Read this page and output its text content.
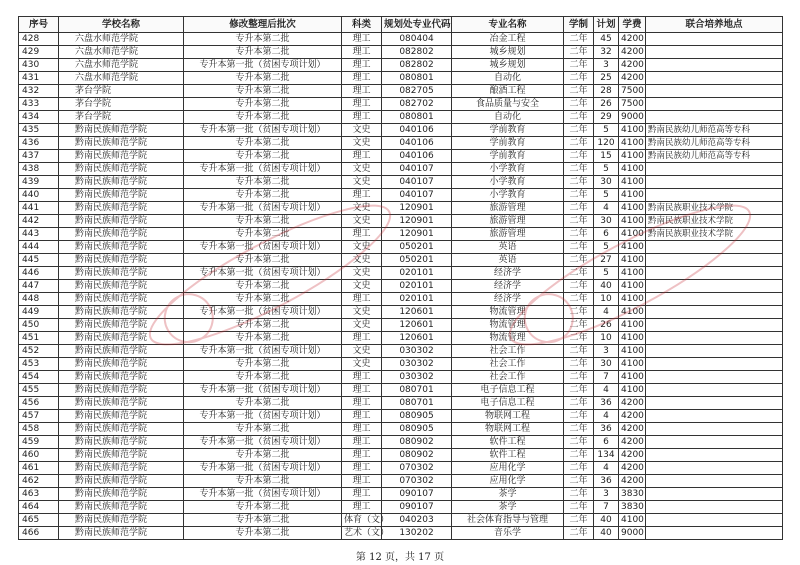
序号	学校名称	修改整理后批次	科类	规划处专业代码	专业名称	学制	计划	学费	联合培养地点
428	六盘水师范学院	专升本第二批	理工	080404	冶金工程	二年	45	4200	
429	六盘水师范学院	专升本第二批	理工	082802	城乡规划	二年	32	4200	
430	六盘水师范学院	专升本第一批（贫困专项计划）	理工	082802	城乡规划	二年	3	4200	
431	六盘水师范学院	专升本第二批	理工	080801	自动化	二年	25	4200	
432	茅台学院	专升本第二批	理工	082705	酿酒工程	二年	28	7500	
433	茅台学院	专升本第二批	理工	082702	食品质量与安全	二年	26	7500	
434	茅台学院	专升本第二批	理工	080801	自动化	二年	29	9000	
435	黔南民族师范学院	专升本第一批（贫困专项计划）	文史	040106	学前教育	二年	5	4100	黔南民族幼儿师范高等专科
436	黔南民族师范学院	专升本第二批	文史	040106	学前教育	二年	120	4100	黔南民族幼儿师范高等专科
437	黔南民族师范学院	专升本第二批	理工	040106	学前教育	二年	15	4100	黔南民族幼儿师范高等专科
438	黔南民族师范学院	专升本第一批（贫困专项计划）	文史	040107	小学教育	二年	5	4100	
439	黔南民族师范学院	专升本第二批	文史	040107	小学教育	二年	30	4100	
440	黔南民族师范学院	专升本第二批	理工	040107	小学教育	二年	5	4100	
441	黔南民族师范学院	专升本第一批（贫困专项计划）	文史	120901	旅游管理	二年	4	4100	黔南民族职业技术学院
442	黔南民族师范学院	专升本第二批	文史	120901	旅游管理	二年	30	4100	黔南民族职业技术学院
443	黔南民族师范学院	专升本第二批	理工	120901	旅游管理	二年	6	4100	黔南民族职业技术学院
444	黔南民族师范学院	专升本第一批（贫困专项计划）	文史	050201	英语	二年	5	4100	
445	黔南民族师范学院	专升本第二批	文史	050201	英语	二年	27	4100	
446	黔南民族师范学院	专升本第一批（贫困专项计划）	文史	020101	经济学	二年	5	4100	
447	黔南民族师范学院	专升本第二批	文史	020101	经济学	二年	40	4100	
448	黔南民族师范学院	专升本第二批	理工	020101	经济学	二年	10	4100	
449	黔南民族师范学院	专升本第一批（贫困专项计划）	文史	120601	物流管理	二年	4	4100	
450	黔南民族师范学院	专升本第二批	文史	120601	物流管理	二年	26	4100	
451	黔南民族师范学院	专升本第二批	理工	120601	物流管理	二年	10	4100	
452	黔南民族师范学院	专升本第一批（贫困专项计划）	文史	030302	社会工作	二年	3	4100	
453	黔南民族师范学院	专升本第二批	文史	030302	社会工作	二年	30	4100	
454	黔南民族师范学院	专升本第二批	理工	030302	社会工作	二年	7	4100	
455	黔南民族师范学院	专升本第一批（贫困专项计划）	理工	080701	电子信息工程	二年	4	4100	
456	黔南民族师范学院	专升本第二批	理工	080701	电子信息工程	二年	36	4200	
457	黔南民族师范学院	专升本第一批（贫困专项计划）	理工	080905	物联网工程	二年	4	4200	
458	黔南民族师范学院	专升本第二批	理工	080905	物联网工程	二年	36	4200	
459	黔南民族师范学院	专升本第一批（贫困专项计划）	理工	080902	软件工程	二年	6	4200	
460	黔南民族师范学院	专升本第二批	理工	080902	软件工程	二年	134	4200	
461	黔南民族师范学院	专升本第一批（贫困专项计划）	理工	070302	应用化学	二年	4	4200	
462	黔南民族师范学院	专升本第二批	理工	070302	应用化学	二年	36	4200	
463	黔南民族师范学院	专升本第一批（贫困专项计划）	理工	090107	茶学	二年	3	3830	
464	黔南民族师范学院	专升本第二批	理工	090107	茶学	二年	7	3830	
465	黔南民族师范学院	专升本第二批	体育（文）	040203	社会体育指导与管理	二年	40	4100	
466	黔南民族师范学院	专升本第二批	艺术（文）	130202	音乐学	二年	40	9000	
第 12 页，共 17 页
